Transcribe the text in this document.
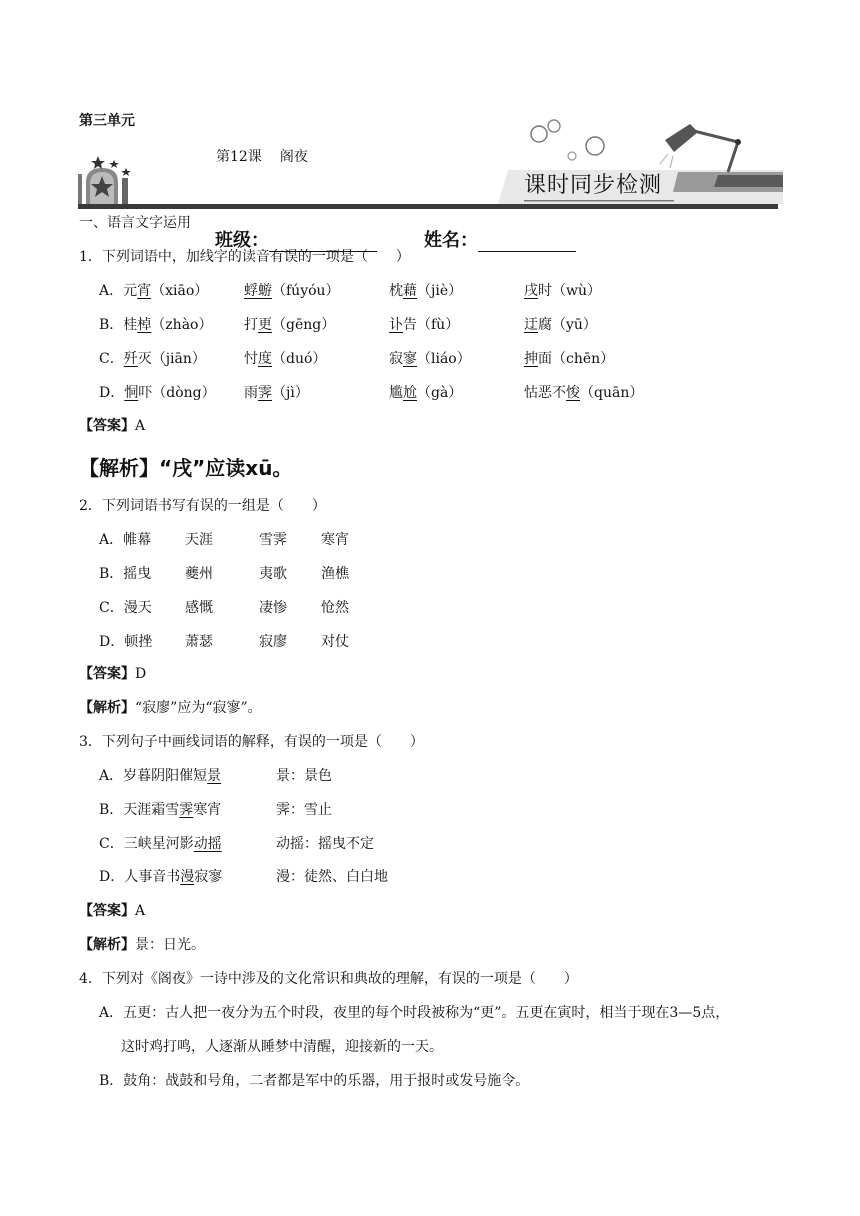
第三单元
第12课 阁夜
课时同步检测
一、语言文字运用
班级：	姓名：
1．下列词语中，加线字的读音有误的一项是（　　）
A．元宵（xiāo）	蜉蝣（fúyóu）	枕藉（jiè）	戌时（wù）
B．桂棹（zhào） 打更（gēng）	讣告（fù）	迂腐（yū）
C．歼灭（jiān）	忖度（duó）	寂寥（liáo）	抻面（chēn）
D．恫吓（dòng） 雨霁（jì）	尴尬（gà）	怙恶不悛（quān）
【答案】A
【解析】“戌”应读xū。
2．下列词语书写有误的一组是（　　）
A．帷幕 天涯	雪霁 寒宵
B．摇曳 夔州	夷歌 渔樵
C．漫天 感慨	凄惨 怆然
D．顿挫 萧瑟	寂廖 对仗
【答案】D
【解析】“寂廖”应为“寂寥”。
3．下列句子中画线词语的解释，有误的一项是（　　）
A．岁暮阴阳催短景	景：景色
B．天涯霜雪霁寒宵	霁：雪止
C．三峡星河影动摇	动摇：摇曳不定
D．人事音书漫寂寥	漫：徒然、白白地
【答案】A
【解析】景：日光。
4．下列对《阁夜》一诗中涉及的文化常识和典故的理解，有误的一项是（　　）
A．五更：古人把一夜分为五个时段，夜里的每个时段被称为“更”。五更在寅时，相当于现在3—5点，
这时鸡打鸣，人逐渐从睡梦中清醒，迎接新的一天。
B．鼓角：战鼓和号角，二者都是军中的乐器，用于报时或发号施令。
